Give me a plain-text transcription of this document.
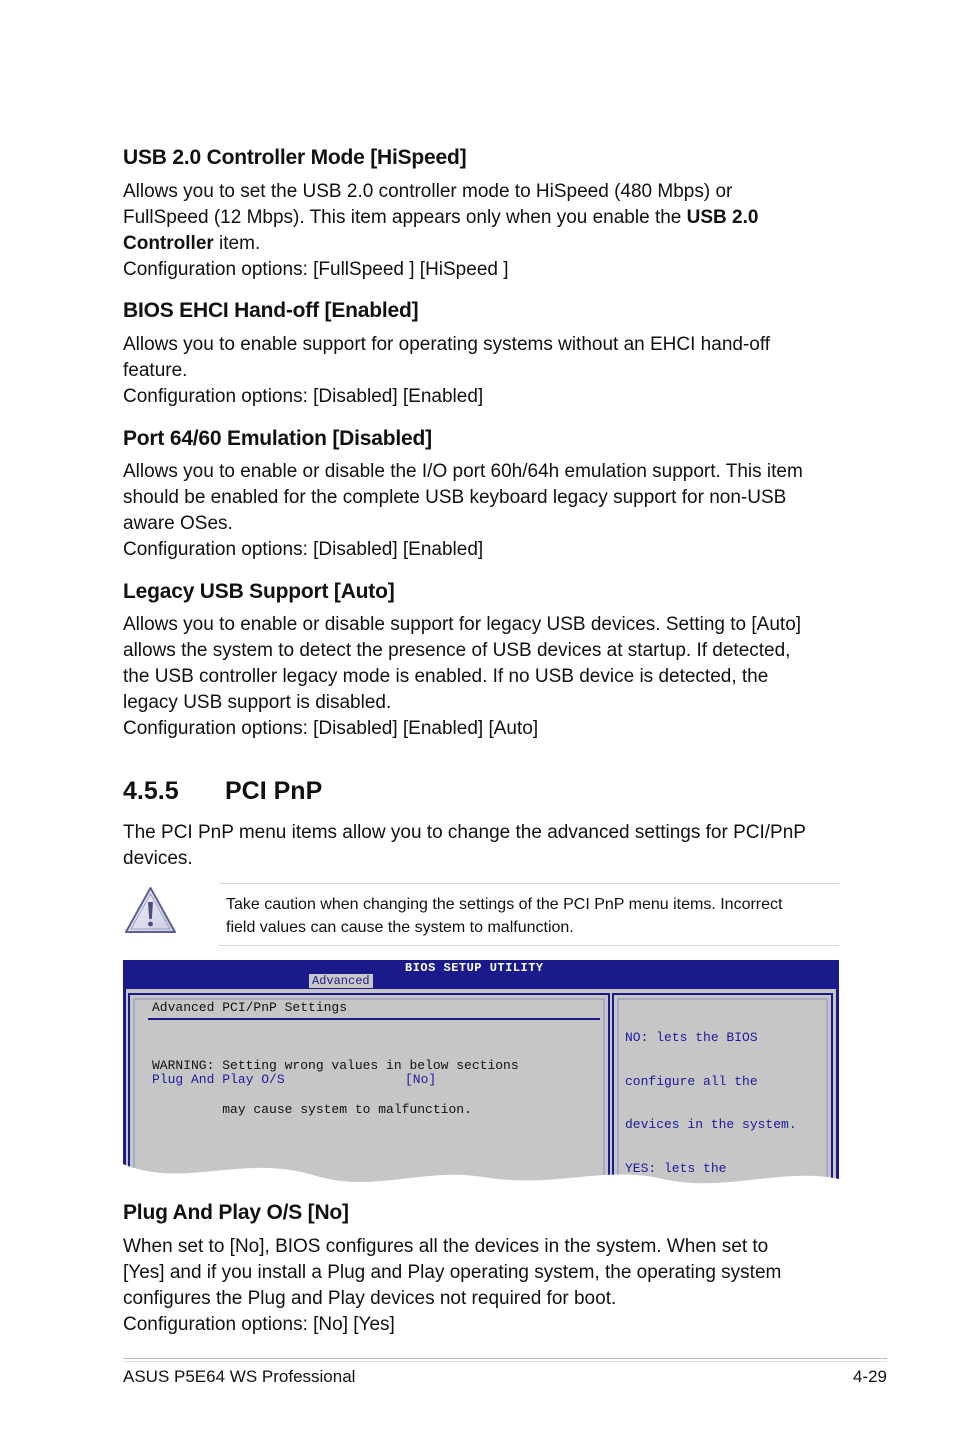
USB 2.0 Controller Mode [HiSpeed]
Allows you to set the USB 2.0 controller mode to HiSpeed (480 Mbps) or
FullSpeed (12 Mbps). This item appears only when you enable the USB 2.0
Controller item.
Configuration options: [FullSpeed ] [HiSpeed ]
BIOS EHCI Hand-off [Enabled]
Allows you to enable support for operating systems without an EHCI hand-off
feature.
Configuration options: [Disabled] [Enabled]
Port 64/60 Emulation [Disabled]
Allows you to enable or disable the I/O port 60h/64h emulation support. This item
should be enabled for the complete USB keyboard legacy support for non-USB
aware OSes.
Configuration options: [Disabled] [Enabled]
Legacy USB Support [Auto]
Allows you to enable or disable support for legacy USB devices. Setting to [Auto]
allows the system to detect the presence of USB devices at startup. If detected,
the USB controller legacy mode is enabled. If no USB device is detected, the
legacy USB support is disabled.
Configuration options: [Disabled] [Enabled] [Auto]
4.5.5 PCI PnP
The PCI PnP menu items allow you to change the advanced settings for PCI/PnP
devices.
Take caution when changing the settings of the PCI PnP menu items. Incorrect
field values can cause the system to malfunction.
BIOS SETUP UTILITY
Advanced
Advanced PCI/PnP Settings

WARNING: Setting wrong values in below sections

may cause system to malfunction.

Plug And Play O/S	[No]

NO: lets the BIOS

configure all the

devices in the system.

YES: lets the

Plug And Play O/S [No]
When set to [No], BIOS configures all the devices in the system. When set to
[Yes] and if you install a Plug and Play operating system, the operating system
configures the Plug and Play devices not required for boot.
Configuration options: [No] [Yes]
ASUS P5E64 WS Professional	4-29
